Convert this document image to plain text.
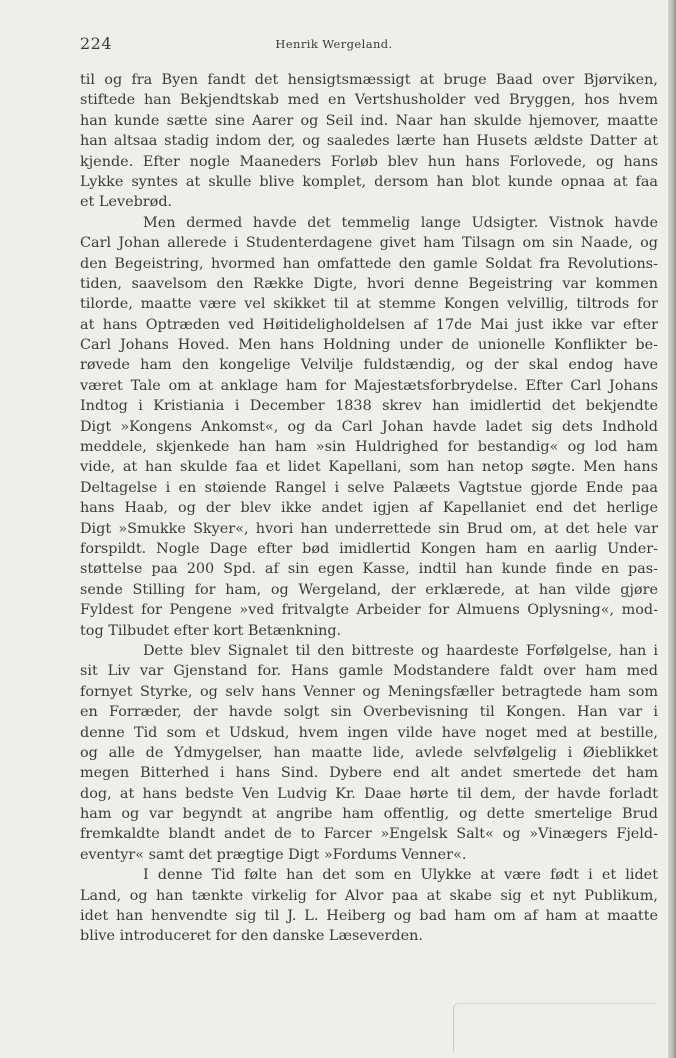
224	Henrik Wergeland.
til og fra Byen fandt det hensigtsmæssigt at bruge Baad over Bjørviken,
stiftede han Bekjendtskab med en Vertshusholder ved Bryggen, hos hvem
han kunde sætte sine Aarer og Seil ind. Naar han skulde hjemover, maatte
han altsaa stadig indom der, og saaledes lærte han Husets ældste Datter at
kjende. Efter nogle Maaneders Forløb blev hun hans Forlovede, og hans
Lykke syntes at skulle blive komplet, dersom han blot kunde opnaa at faa
et Levebrød.
Men dermed havde det temmelig lange Udsigter. Vistnok havde
Carl Johan allerede i Studenterdagene givet ham Tilsagn om sin Naade, og
den Begeistring, hvormed han omfattede den gamle Soldat fra Revolutions-
tiden, saavelsom den Række Digte, hvori denne Begeistring var kommen
tilorde, maatte være vel skikket til at stemme Kongen velvillig, tiltrods for
at hans Optræden ved Høitideligholdelsen af 17de Mai just ikke var efter
Carl Johans Hoved. Men hans Holdning under de unionelle Konflikter be-
røvede ham den kongelige Velvilje fuldstændig, og der skal endog have
været Tale om at anklage ham for Majestætsforbrydelse. Efter Carl Johans
Indtog i Kristiania i December 1838 skrev han imidlertid det bekjendte
Digt »Kongens Ankomst«, og da Carl Johan havde ladet sig dets Indhold
meddele, skjenkede han ham »sin Huldrighed for bestandig« og lod ham
vide, at han skulde faa et lidet Kapellani, som han netop søgte. Men hans
Deltagelse i en støiende Rangel i selve Palæets Vagtstue gjorde Ende paa
hans Haab, og der blev ikke andet igjen af Kapellaniet end det herlige
Digt »Smukke Skyer«, hvori han underrettede sin Brud om, at det hele var
forspildt. Nogle Dage efter bød imidlertid Kongen ham en aarlig Under-
støttelse paa 200 Spd. af sin egen Kasse, indtil han kunde finde en pas-
sende Stilling for ham, og Wergeland, der erklærede, at han vilde gjøre
Fyldest for Pengene »ved fritvalgte Arbeider for Almuens Oplysning«, mod-
tog Tilbudet efter kort Betænkning.
Dette blev Signalet til den bittreste og haardeste Forfølgelse, han i
sit Liv var Gjenstand for. Hans gamle Modstandere faldt over ham med
fornyet Styrke, og selv hans Venner og Meningsfæller betragtede ham som
en Forræder, der havde solgt sin Overbevisning til Kongen. Han var i
denne Tid som et Udskud, hvem ingen vilde have noget med at bestille,
og alle de Ydmygelser, han maatte lide, avlede selvfølgelig i Øieblikket
megen Bitterhed i hans Sind. Dybere end alt andet smertede det ham
dog, at hans bedste Ven Ludvig Kr. Daae hørte til dem, der havde forladt
ham og var begyndt at angribe ham offentlig, og dette smertelige Brud
fremkaldte blandt andet de to Farcer »Engelsk Salt« og »Vinægers Fjeld-
eventyr« samt det prægtige Digt »Fordums Venner«.
I denne Tid følte han det som en Ulykke at være født i et lidet
Land, og han tænkte virkelig for Alvor paa at skabe sig et nyt Publikum,
idet han henvendte sig til J. L. Heiberg og bad ham om af ham at maatte
blive introduceret for den danske Læseverden.
